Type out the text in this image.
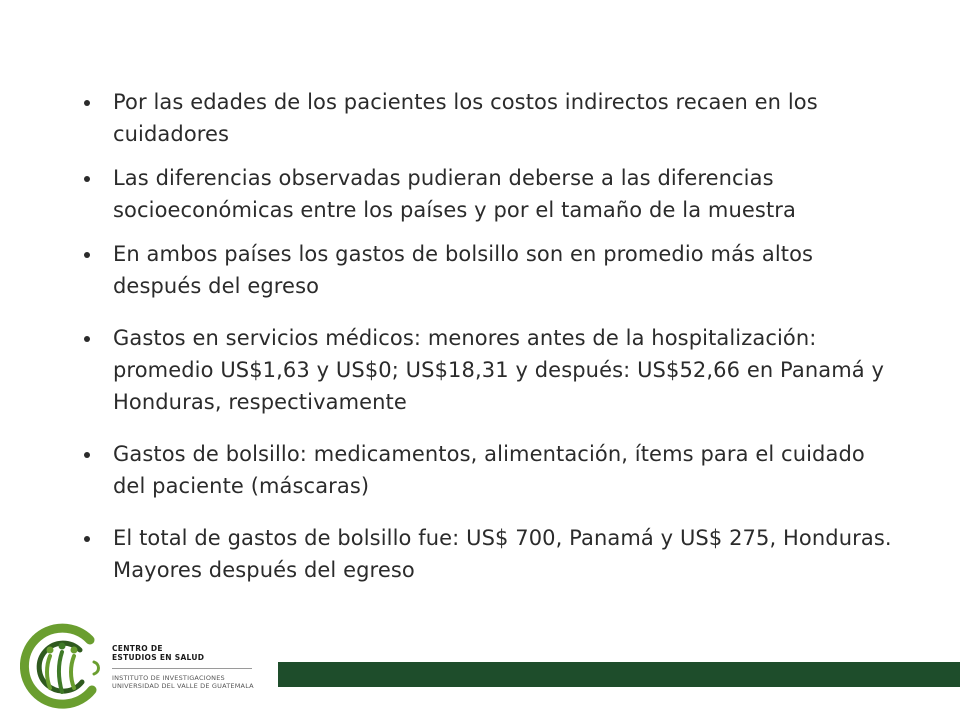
Por las edades de los pacientes los costos indirectos recaen en los cuidadores
Las diferencias observadas pudieran deberse a las diferencias socioeconómicas entre los países y por el tamaño de la muestra
En ambos países los gastos de bolsillo son en promedio más altos después del egreso
Gastos en servicios médicos: menores antes de la hospitalización: promedio US$1,63 y US$0; US$18,31 y después: US$52,66 en Panamá y Honduras, respectivamente
Gastos de bolsillo: medicamentos, alimentación, ítems para el cuidado del paciente (máscaras)
El total de gastos de bolsillo fue: US$ 700, Panamá y US$ 275, Honduras. Mayores después del egreso
CENTRO DE
ESTUDIOS EN SALUD
INSTITUTO DE INVESTIGACIONES
UNIVERSIDAD DEL VALLE DE GUATEMALA
